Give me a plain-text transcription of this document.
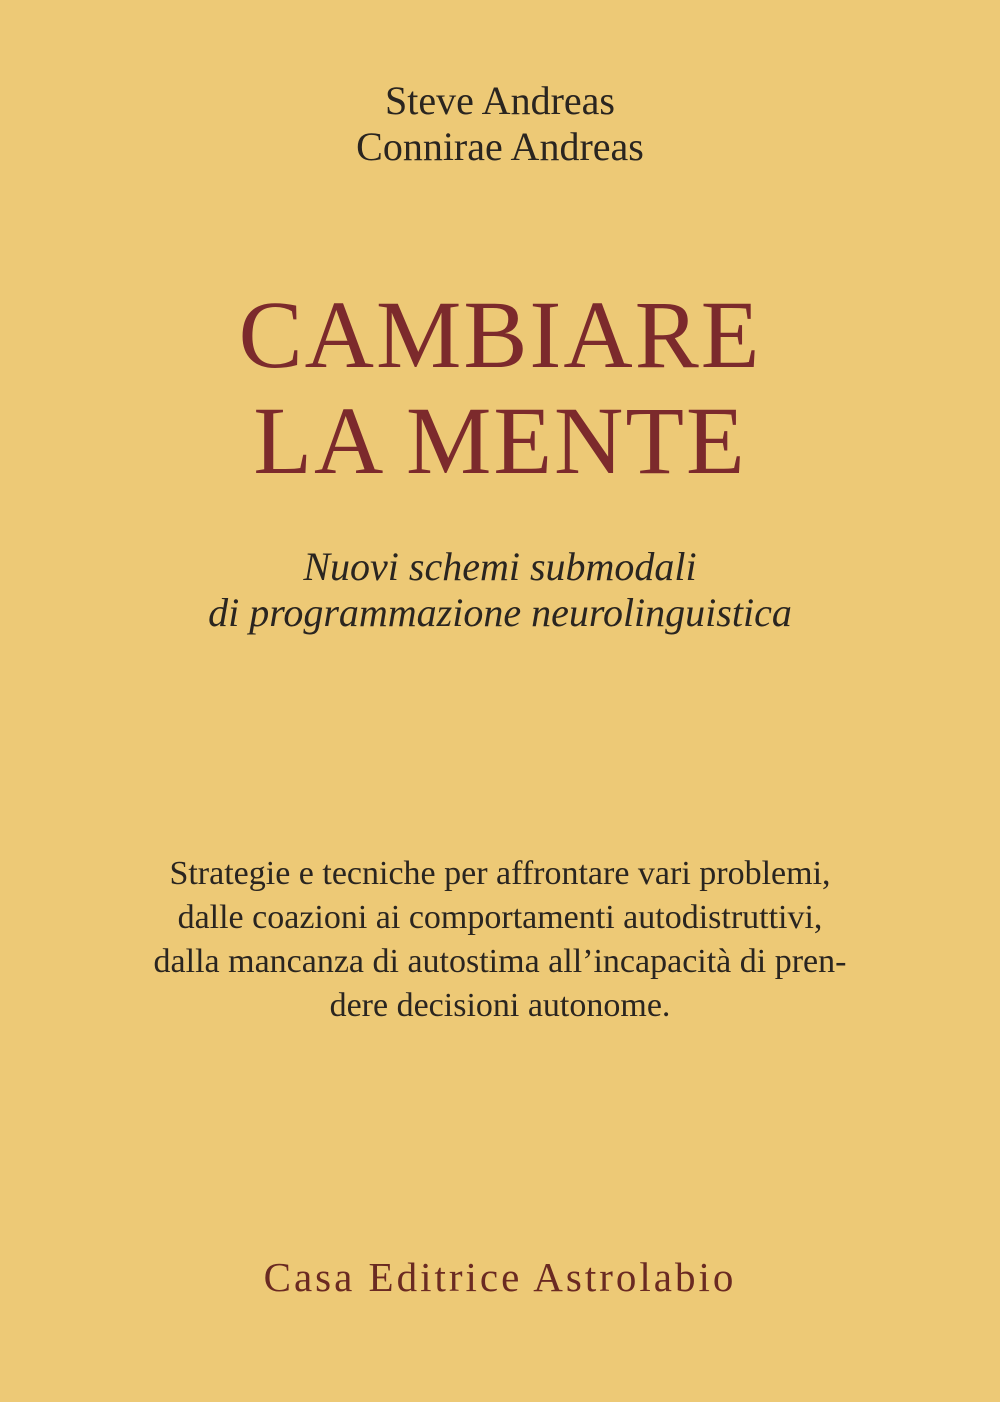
Steve Andreas
Connirae Andreas
CAMBIARE
LA MENTE
Nuovi schemi submodali
di programmazione neurolinguistica
Strategie e tecniche per affrontare vari problemi,
dalle coazioni ai comportamenti autodistruttivi,
dalla mancanza di autostima all’incapacità di pren-
dere decisioni autonome.
Casa Editrice Astrolabio
